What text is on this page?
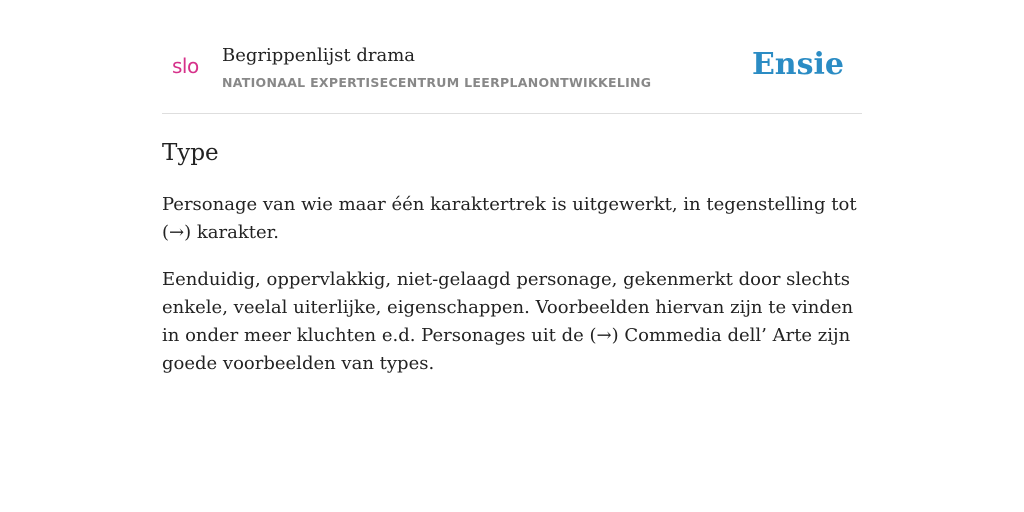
slo Begrippenlijst drama
NATIONAAL EXPERTISECENTRUM LEERPLANONTWIKKELING
Ensie
Type

Personage van wie maar één karaktertrek is uitgewerkt, in tegenstelling tot (→) karakter.

Eenduidig, oppervlakkig, niet-gelaagd personage, gekenmerkt door slechts enkele, veelal uiterlijke, eigenschappen. Voorbeelden hiervan zijn te vinden in onder meer kluchten e.d. Personages uit de (→) Commedia dell’ Arte zijn goede voorbeelden van types.
